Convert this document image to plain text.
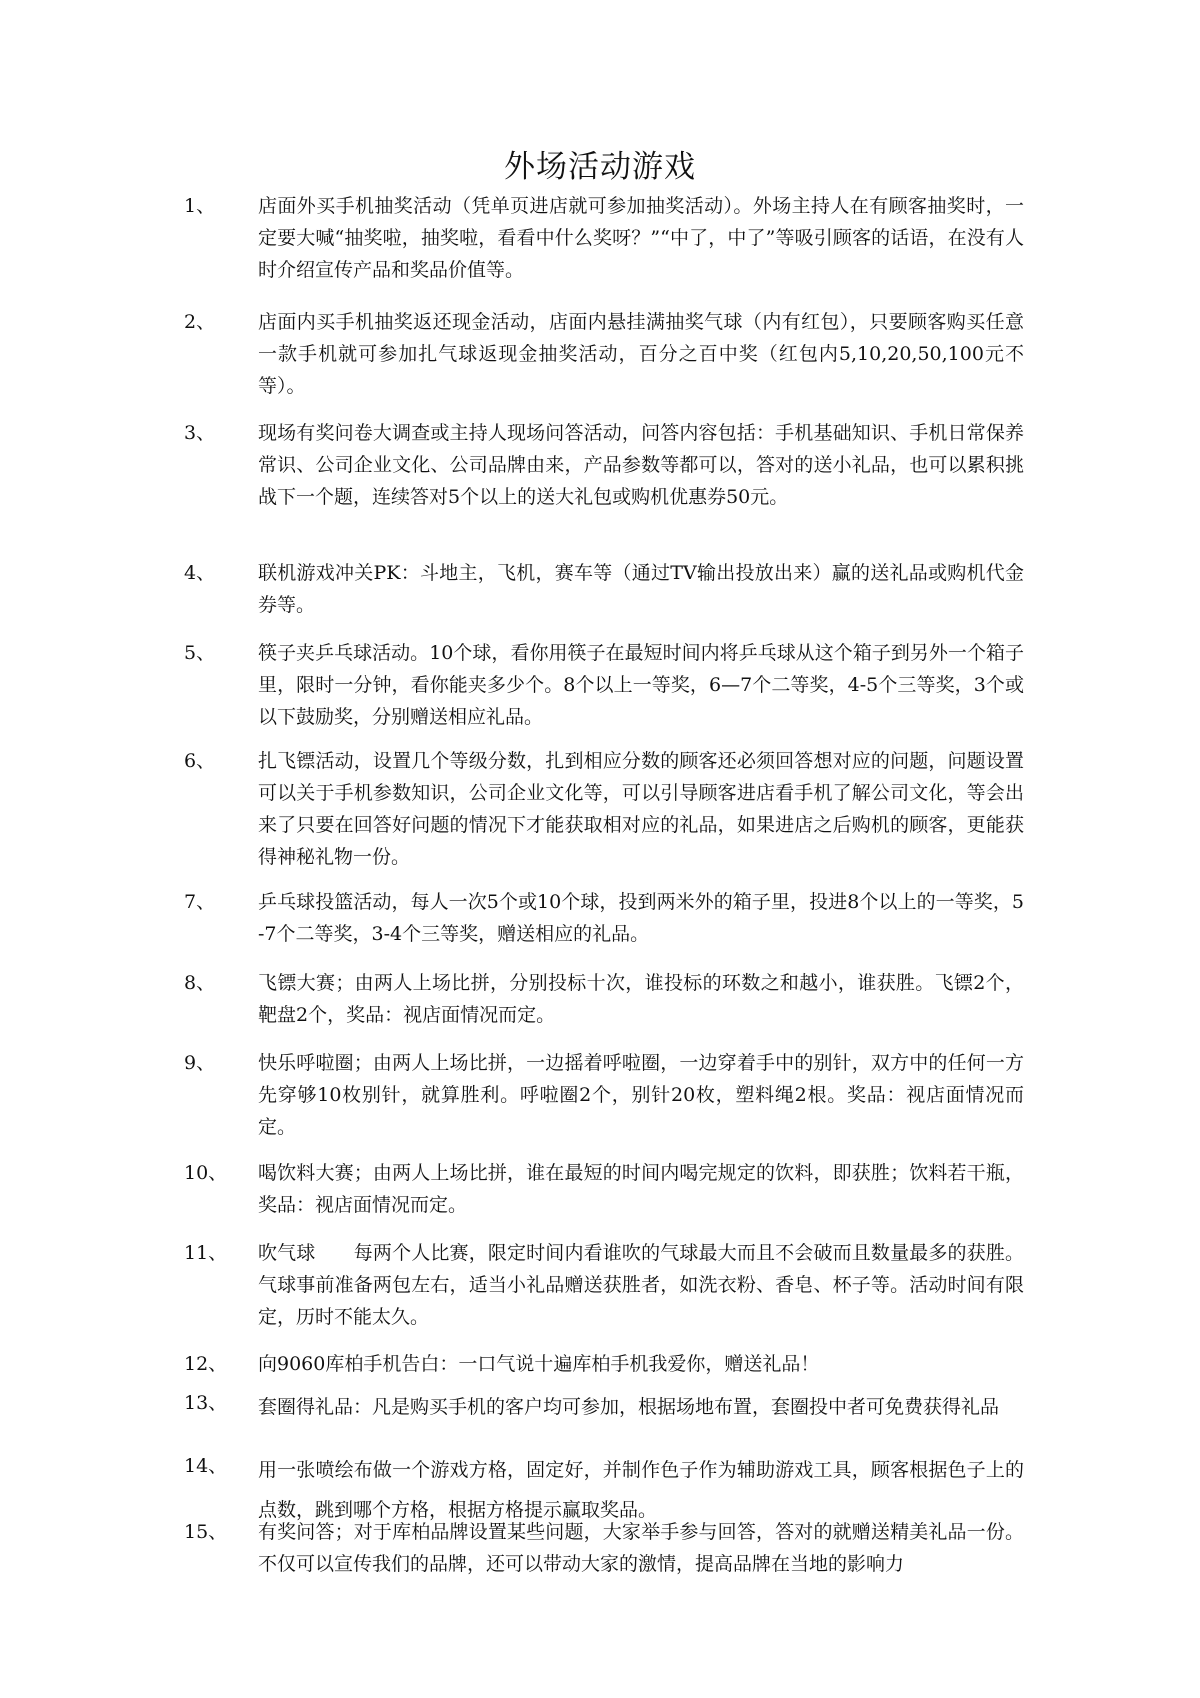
外场活动游戏
1、	店面外买手机抽奖活动（凭单页进店就可参加抽奖活动）。外场主持人在有顾客抽奖时，一定要大喊“抽奖啦，抽奖啦，看看中什么奖呀？”“中了，中了”等吸引顾客的话语，在没有人时介绍宣传产品和奖品价值等。
2、	店面内买手机抽奖返还现金活动，店面内悬挂满抽奖气球（内有红包），只要顾客购买任意一款手机就可参加扎气球返现金抽奖活动，百分之百中奖（红包内5,10,20,50,100元不等）。
3、	现场有奖问卷大调查或主持人现场问答活动，问答内容包括：手机基础知识、手机日常保养常识、公司企业文化、公司品牌由来，产品参数等都可以，答对的送小礼品，也可以累积挑战下一个题，连续答对5个以上的送大礼包或购机优惠券50元。
4、	联机游戏冲关PK：斗地主，飞机，赛车等（通过TV输出投放出来）赢的送礼品或购机代金券等。
5、	筷子夹乒乓球活动。10个球，看你用筷子在最短时间内将乒乓球从这个箱子到另外一个箱子里，限时一分钟，看你能夹多少个。8个以上一等奖，6—7个二等奖，4-5个三等奖，3个或以下鼓励奖，分别赠送相应礼品。
6、	扎飞镖活动，设置几个等级分数，扎到相应分数的顾客还必须回答想对应的问题，问题设置可以关于手机参数知识，公司企业文化等，可以引导顾客进店看手机了解公司文化，等会出来了只要在回答好问题的情况下才能获取相对应的礼品，如果进店之后购机的顾客，更能获得神秘礼物一份。
7、	乒乓球投篮活动，每人一次5个或10个球，投到两米外的箱子里，投进8个以上的一等奖，5-7个二等奖，3-4个三等奖，赠送相应的礼品。
8、	飞镖大赛；由两人上场比拼，分别投标十次，谁投标的环数之和越小，谁获胜。飞镖2个，靶盘2个，奖品：视店面情况而定。
9、	快乐呼啦圈；由两人上场比拼，一边摇着呼啦圈，一边穿着手中的别针，双方中的任何一方先穿够10枚别针，就算胜利。呼啦圈2个，别针20枚，塑料绳2根。奖品：视店面情况而定。
10、	喝饮料大赛；由两人上场比拼，谁在最短的时间内喝完规定的饮料，即获胜；饮料若干瓶，奖品：视店面情况而定。
11、	吹气球　　每两个人比赛，限定时间内看谁吹的气球最大而且不会破而且数量最多的获胜。气球事前准备两包左右，适当小礼品赠送获胜者，如洗衣粉、香皂、杯子等。活动时间有限定，历时不能太久。
12、	向9060库柏手机告白：一口气说十遍库柏手机我爱你，赠送礼品！
13、	套圈得礼品：凡是购买手机的客户均可参加，根据场地布置，套圈投中者可免费获得礼品
14、	用一张喷绘布做一个游戏方格，固定好，并制作色子作为辅助游戏工具，顾客根据色子上的点数，跳到哪个方格，根据方格提示赢取奖品。
15、	有奖问答；对于库柏品牌设置某些问题，大家举手参与回答，答对的就赠送精美礼品一份。不仅可以宣传我们的品牌，还可以带动大家的激情，提高品牌在当地的影响力
